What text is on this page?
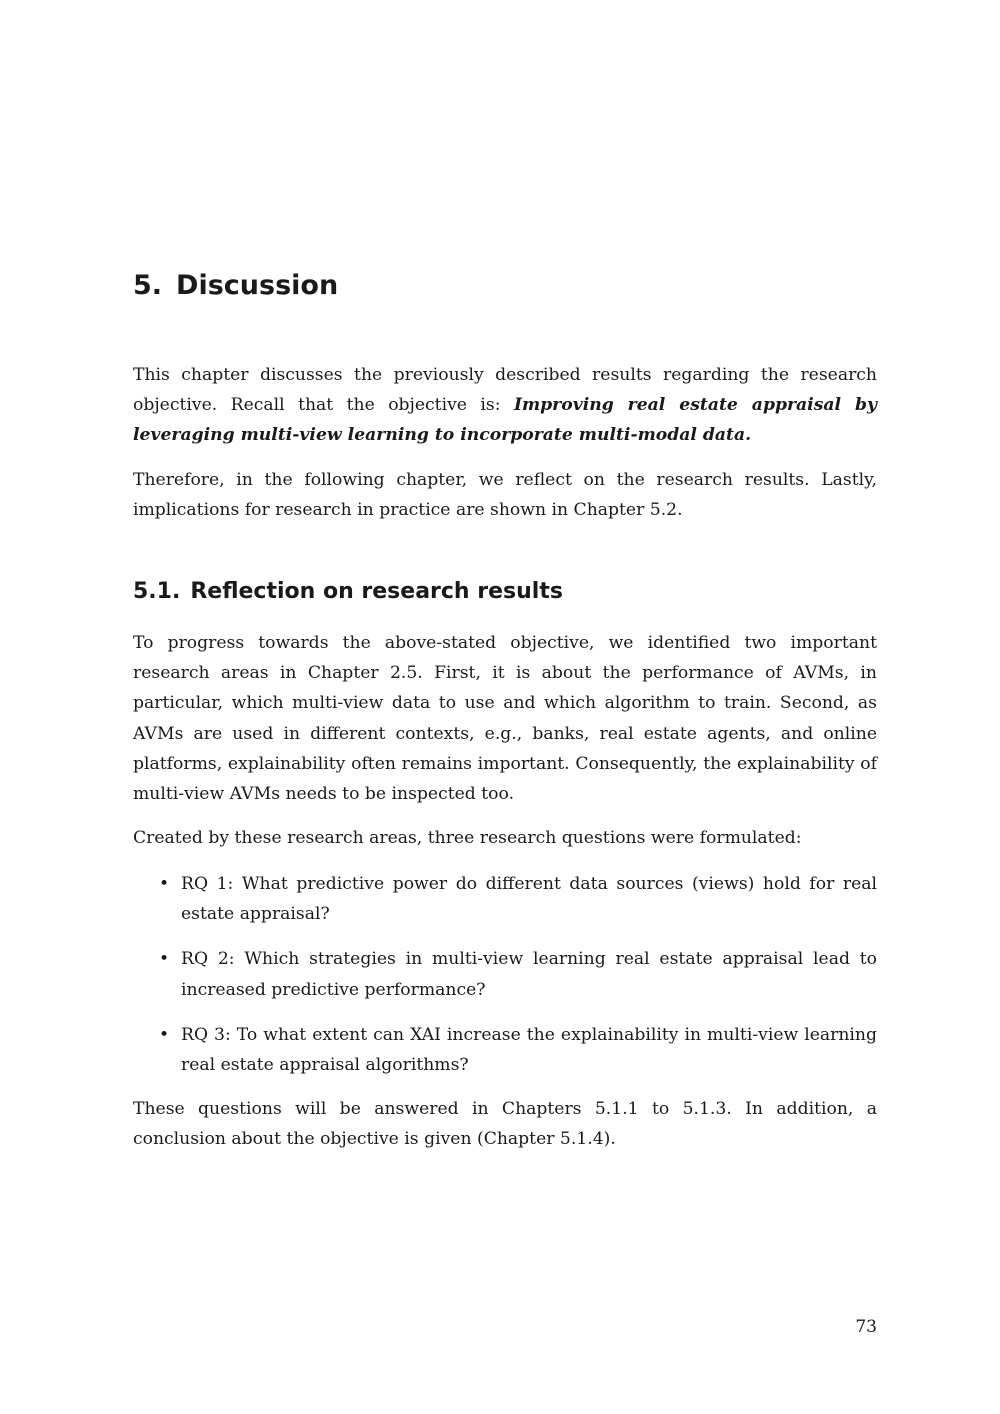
5. Discussion

This chapter discusses the previously described results regarding the research objective. Recall that the objective is: Improving real estate appraisal by leveraging multi-view learning to incorporate multi-modal data.

Therefore, in the following chapter, we reflect on the research results. Lastly, implications for research in practice are shown in Chapter 5.2.

5.1. Reflection on research results

To progress towards the above-stated objective, we identified two important research areas in Chapter 2.5. First, it is about the performance of AVMs, in particular, which multi-view data to use and which algorithm to train. Second, as AVMs are used in different contexts, e.g., banks, real estate agents, and online platforms, explainability often remains important. Consequently, the explainability of multi-view AVMs needs to be inspected too.

Created by these research areas, three research questions were formulated:

• RQ 1: What predictive power do different data sources (views) hold for real estate appraisal?
• RQ 2: Which strategies in multi-view learning real estate appraisal lead to increased predictive performance?
• RQ 3: To what extent can XAI increase the explainability in multi-view learning real estate appraisal algorithms?

These questions will be answered in Chapters 5.1.1 to 5.1.3. In addition, a conclusion about the objective is given (Chapter 5.1.4).

73
